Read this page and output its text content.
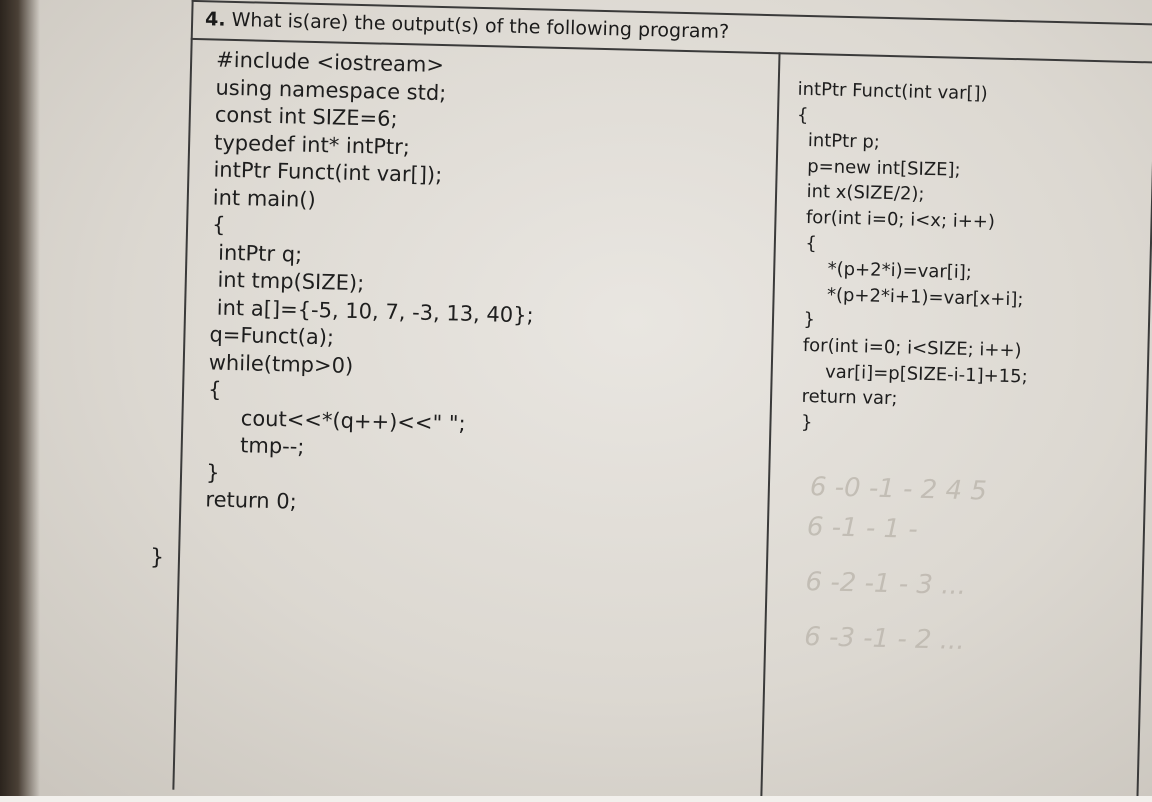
4. What is(are) the output(s) of the following program?

#include <iostream>
using namespace std;
const int SIZE=6;
typedef int* intPtr;
intPtr Funct(int var[]);
int main()
{
intPtr q;
int tmp(SIZE);
int a[]={-5, 10, 7, -3, 13, 40};
q=Funct(a);
while(tmp>0)
{
cout<<*(q++)<<" ";
tmp--;
}
return 0;

}

intPtr Funct(int var[])
{
intPtr p;
p=new int[SIZE];
int x(SIZE/2);
for(int i=0; i<x; i++)
{
*(p+2*i)=var[i];
*(p+2*i+1)=var[x+i];
}
for(int i=0; i<SIZE; i++)
var[i]=p[SIZE-i-1]+15;
return var;
}
6 -0 -1 - 2 4 5
6 -1 - 1 -
6 -2 -1 - 3 ...
6 -3 -1 - 2 ...
